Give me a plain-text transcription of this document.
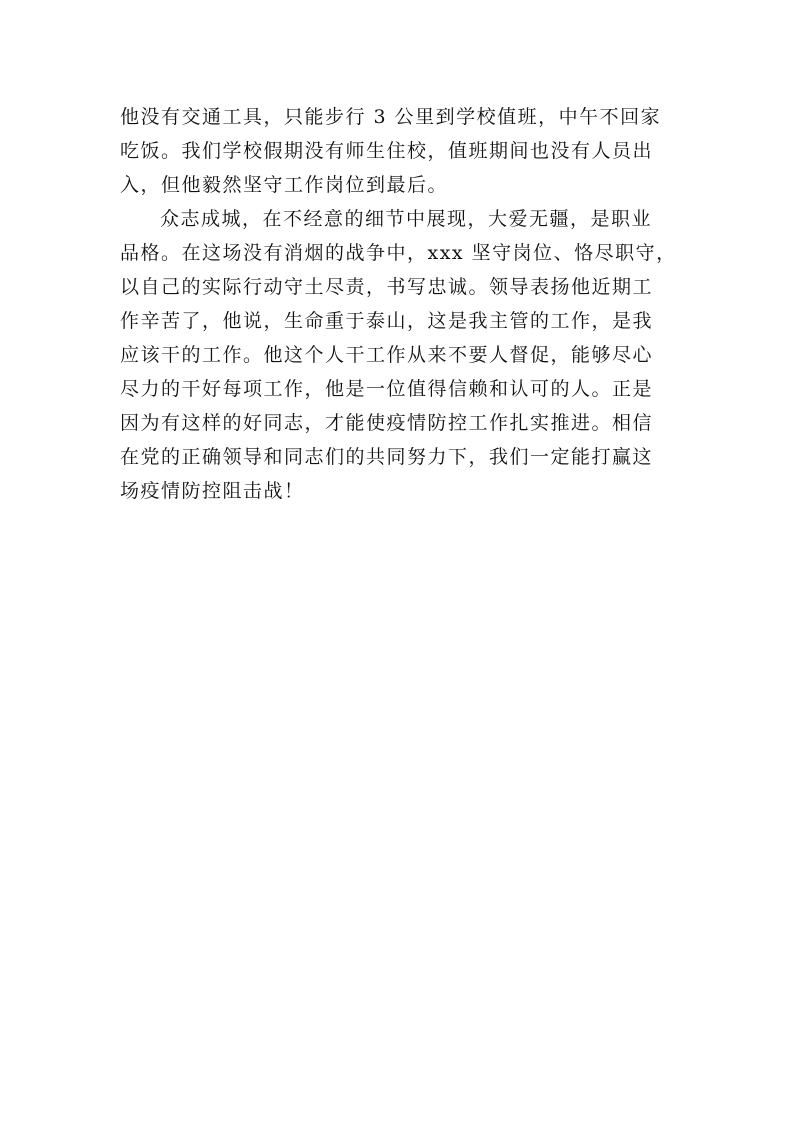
他没有交通工具，只能步行 3 公里到学校值班，中午不回家
吃饭。我们学校假期没有师生住校，值班期间也没有人员出
入，但他毅然坚守工作岗位到最后。
众志成城，在不经意的细节中展现，大爱无疆，是职业
品格。在这场没有消烟的战争中，xxx 坚守岗位、恪尽职守，
以自己的实际行动守土尽责，书写忠诚。领导表扬他近期工
作辛苦了，他说，生命重于泰山，这是我主管的工作，是我
应该干的工作。他这个人干工作从来不要人督促，能够尽心
尽力的干好每项工作，他是一位值得信赖和认可的人。正是
因为有这样的好同志，才能使疫情防控工作扎实推进。相信
在党的正确领导和同志们的共同努力下，我们一定能打赢这
场疫情防控阻击战！
